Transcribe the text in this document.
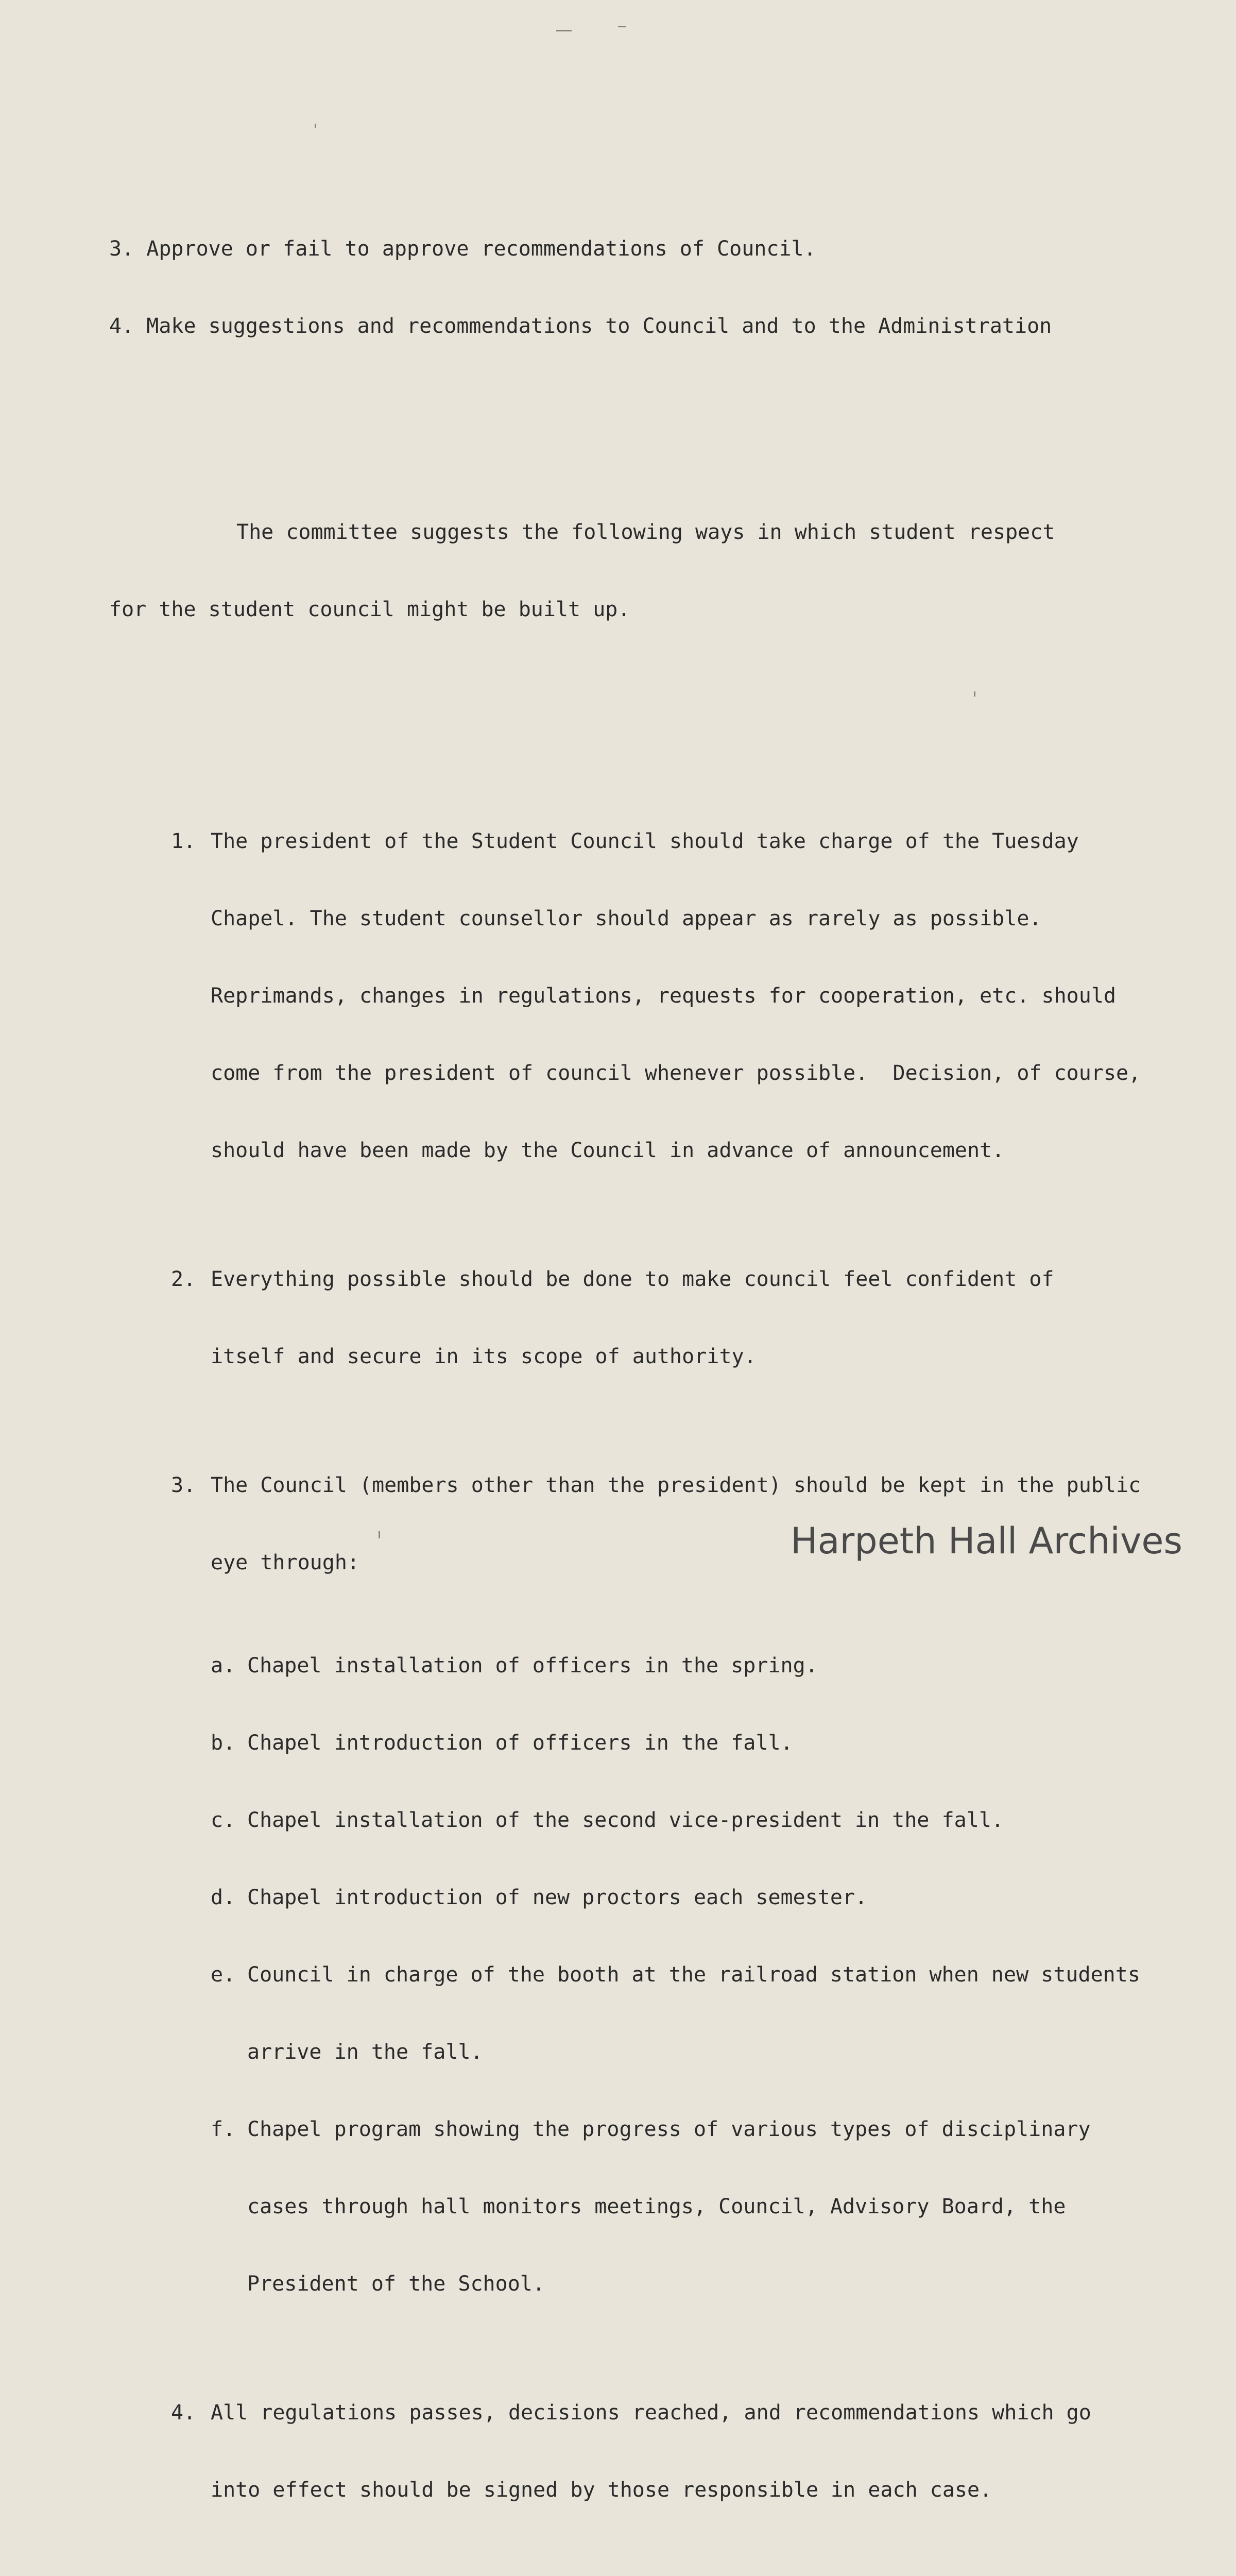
3. Approve or fail to approve recommendations of Council.

4. Make suggestions and recommendations to Council and to the Administration

The committee suggests the following ways in which student respect

for the student council might be built up.

1. The president of the Student Council should take charge of the Tuesday

Chapel. The student counsellor should appear as rarely as possible.

Reprimands, changes in regulations, requests for cooperation, etc. should

come from the president of council whenever possible.  Decision, of course,

should have been made by the Council in advance of announcement.

2. Everything possible should be done to make council feel confident of

itself and secure in its scope of authority.

3. The Council (members other than the president) should be kept in the public

eye through:

a. Chapel installation of officers in the spring.

b. Chapel introduction of officers in the fall.

c. Chapel installation of the second vice-president in the fall.

d. Chapel introduction of new proctors each semester.

e. Council in charge of the booth at the railroad station when new students

arrive in the fall.

f. Chapel program showing the progress of various types of disciplinary

cases through hall monitors meetings, Council, Advisory Board, the

President of the School.

4. All regulations passes, decisions reached, and recommendations which go

into effect should be signed by those responsible in each case.

Harpeth Hall Archives
